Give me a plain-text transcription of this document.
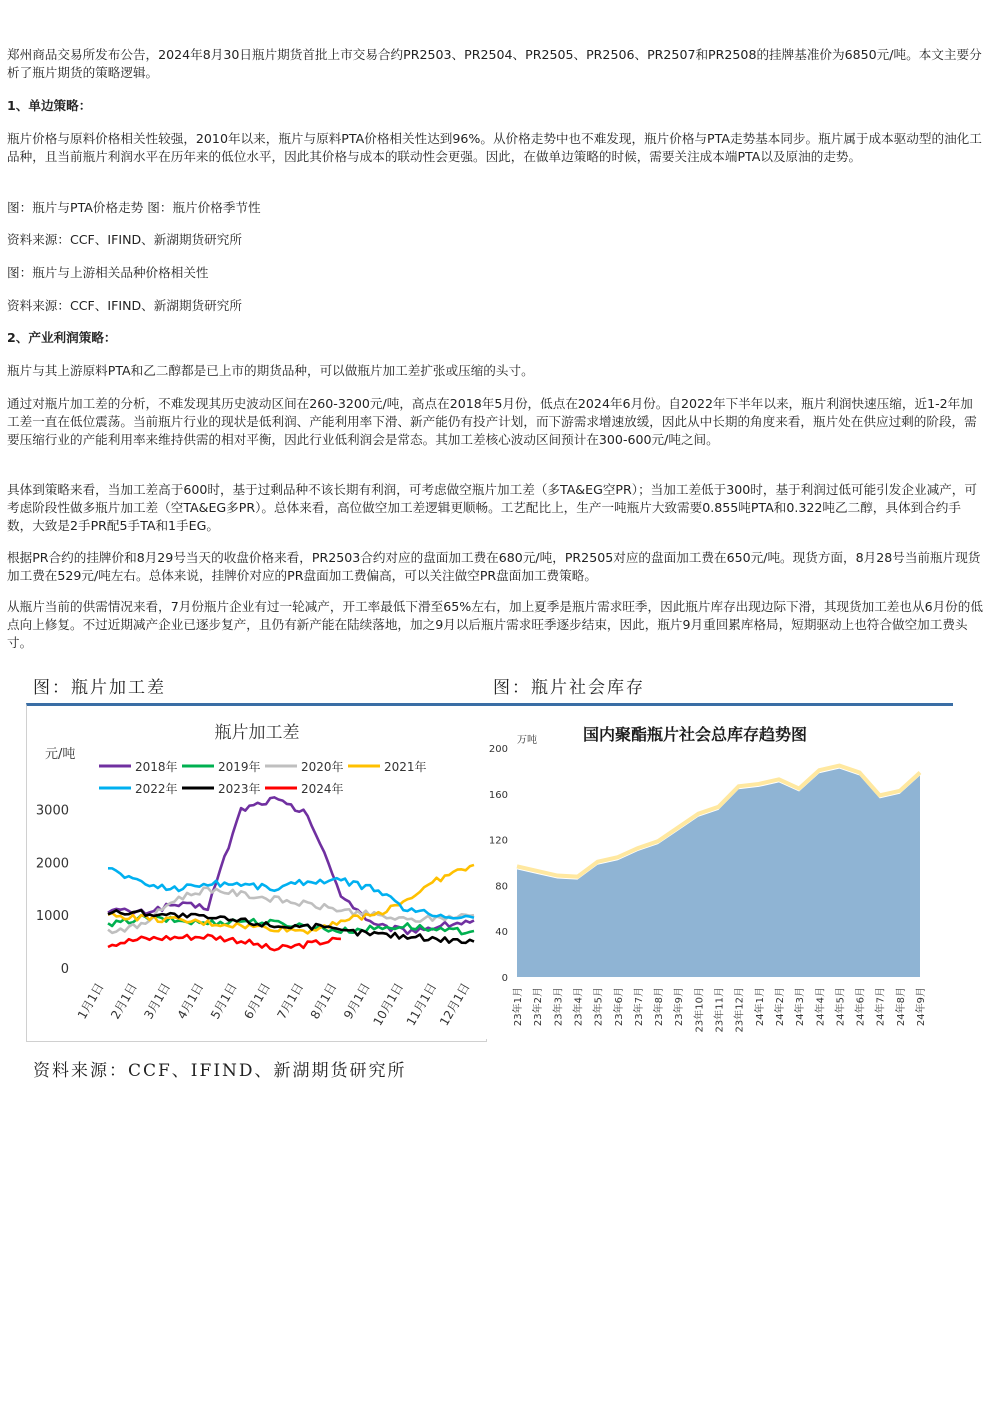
郑州商品交易所发布公告，2024年8月30日瓶片期货首批上市交易合约PR2503、PR2504、PR2505、PR2506、PR2507和PR2508的挂牌基准价为6850元/吨。本文主要分析了瓶片期货的策略逻辑。

1、单边策略：

瓶片价格与原料价格相关性较强，2010年以来，瓶片与原料PTA价格相关性达到96%。从价格走势中也不难发现，瓶片价格与PTA走势基本同步。瓶片属于成本驱动型的油化工品种，且当前瓶片利润水平在历年来的低位水平，因此其价格与成本的联动性会更强。因此，在做单边策略的时候，需要关注成本端PTA以及原油的走势。

图：瓶片与PTA价格走势 图：瓶片价格季节性

资料来源：CCF、IFIND、新湖期货研究所

图：瓶片与上游相关品种价格相关性

资料来源：CCF、IFIND、新湖期货研究所

2、产业利润策略：

瓶片与其上游原料PTA和乙二醇都是已上市的期货品种，可以做瓶片加工差扩张或压缩的头寸。

通过对瓶片加工差的分析，不难发现其历史波动区间在260-3200元/吨，高点在2018年5月份，低点在2024年6月份。自2022年下半年以来，瓶片利润快速压缩，近1-2年加工差一直在低位震荡。当前瓶片行业的现状是低利润、产能利用率下滑、新产能仍有投产计划，而下游需求增速放缓，因此从中长期的角度来看，瓶片处在供应过剩的阶段，需要压缩行业的产能利用率来维持供需的相对平衡，因此行业低利润会是常态。其加工差核心波动区间预计在300-600元/吨之间。

具体到策略来看，当加工差高于600时，基于过剩品种不该长期有利润，可考虑做空瓶片加工差（多TA&EG空PR）；当加工差低于300时，基于利润过低可能引发企业减产，可考虑阶段性做多瓶片加工差（空TA&EG多PR）。总体来看，高位做空加工差逻辑更顺畅。工艺配比上，生产一吨瓶片大致需要0.855吨PTA和0.322吨乙二醇，具体到合约手数，大致是2手PR配5手TA和1手EG。

根据PR合约的挂牌价和8月29号当天的收盘价格来看，PR2503合约对应的盘面加工费在680元/吨，PR2505对应的盘面加工费在650元/吨。现货方面，8月28号当前瓶片现货加工费在529元/吨左右。总体来说，挂牌价对应的PR盘面加工费偏高，可以关注做空PR盘面加工费策略。

从瓶片当前的供需情况来看，7月份瓶片企业有过一轮减产，开工率最低下滑至65%左右，加上夏季是瓶片需求旺季，因此瓶片库存出现边际下滑，其现货加工差也从6月份的低点向上修复。不过近期减产企业已逐步复产，且仍有新产能在陆续落地，加之9月以后瓶片需求旺季逐步结束，因此，瓶片9月重回累库格局，短期驱动上也符合做空加工费头寸。

图：瓶片加工差	图：瓶片社会库存
瓶片加工差
元/吨
0
1000
2000
3000
2018年	2019年	2020年	2021年
2022年	2023年	2024年
1月1日 2月1日 3月1日 4月1日 5月1日 6月1日 7月1日 8月1日 9月1日
10月1日
11月1日
12月1日
国内聚酯瓶片社会总库存趋势图
万吨
0
40
80
120
160
200
华瑞信息
23年1月 23年2月 23年3月 23年4月 23年5月 23年6月 23年7月 23年8月 23年9月 23年10月 23年11月 23年12月 24年1月 24年2月 24年3月 24年4月 24年5月 24年6月 24年7月 24年8月 24年9月
资料来源：CCF、IFIND、新湖期货研究所
